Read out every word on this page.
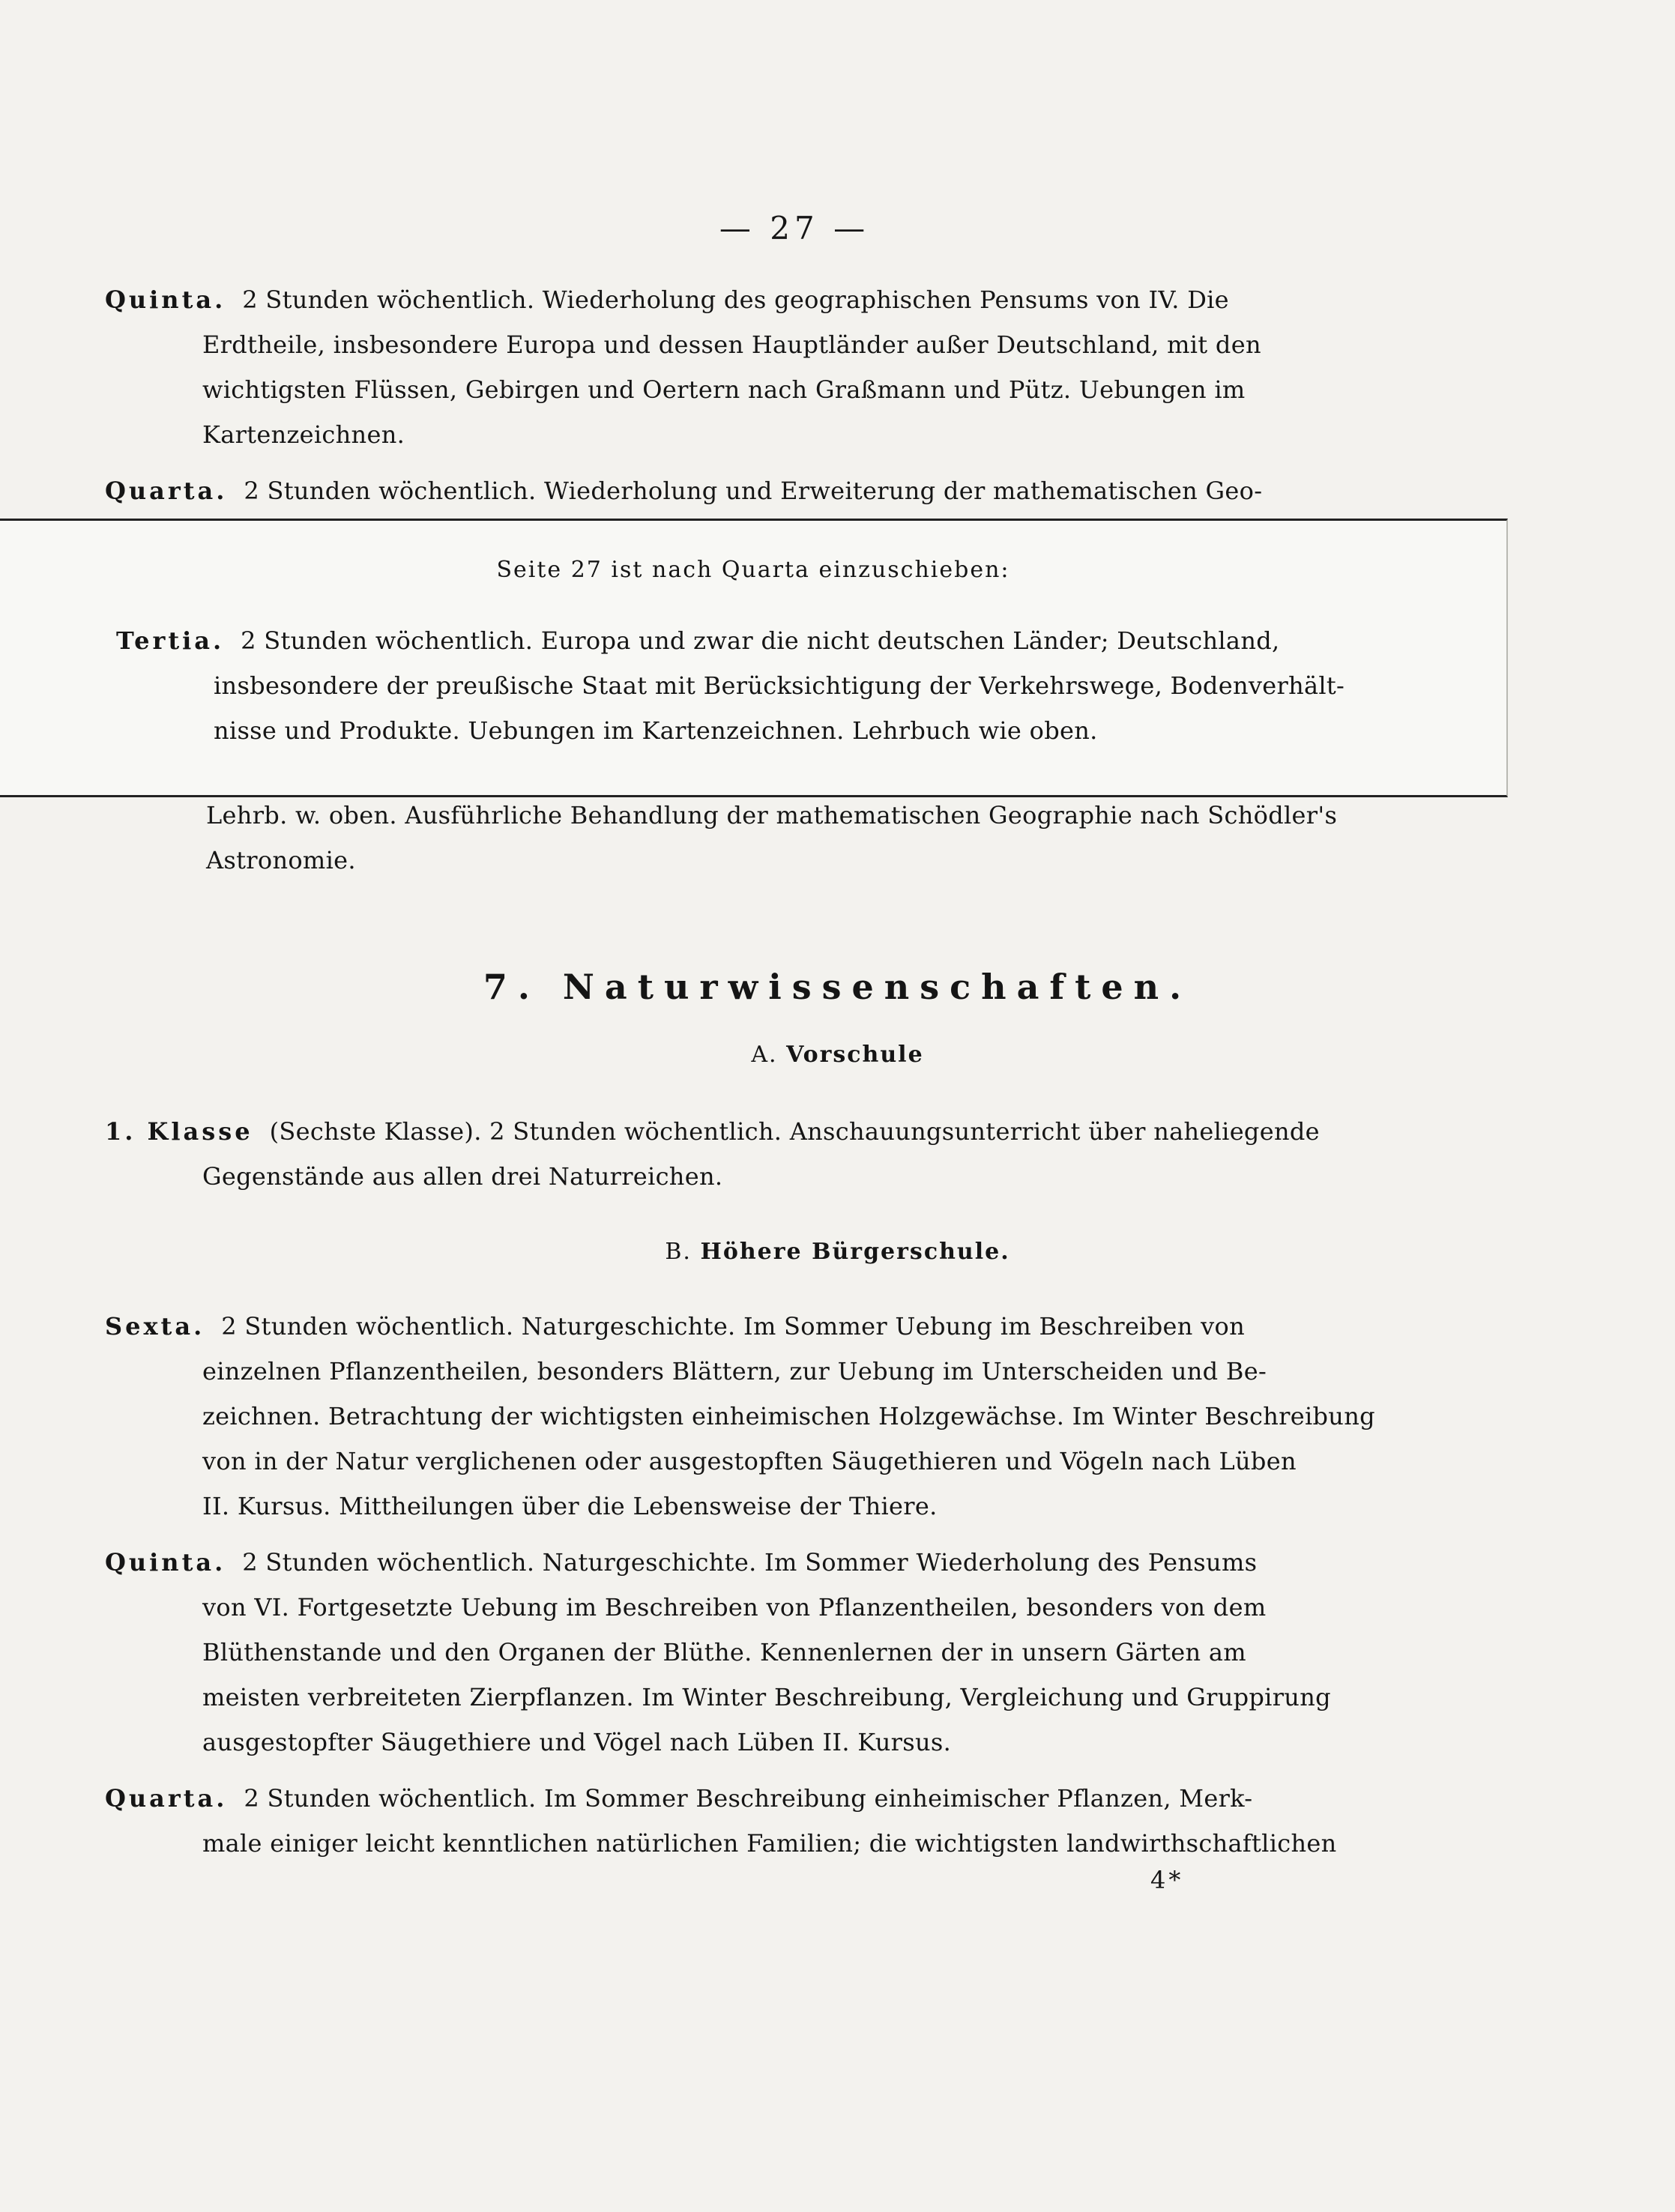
— 27 —
Quinta. 2 Stunden wöchentlich. Wiederholung des geographischen Pensums von IV. Die
Erdtheile, insbesondere Europa und dessen Hauptländer außer Deutschland, mit den
wichtigsten Flüssen, Gebirgen und Oertern nach Graßmann und Pütz. Uebungen im
Kartenzeichnen.
Quarta. 2 Stunden wöchentlich. Wiederholung und Erweiterung der mathematischen Geo-
Seite 27 ist nach Quarta einzuschieben:
Tertia. 2 Stunden wöchentlich. Europa und zwar die nicht deutschen Länder; Deutschland,
insbesondere der preußische Staat mit Berücksichtigung der Verkehrswege, Bodenverhält-
nisse und Produkte. Uebungen im Kartenzeichnen. Lehrbuch wie oben.
Lehrb. w. oben. Ausführliche Behandlung der mathematischen Geographie nach Schödler's
Astronomie.
7. Naturwissenschaften.
A. Vorschule
1. Klasse (Sechste Klasse). 2 Stunden wöchentlich. Anschauungsunterricht über naheliegende
Gegenstände aus allen drei Naturreichen.
B. Höhere Bürgerschule.
Sexta. 2 Stunden wöchentlich. Naturgeschichte. Im Sommer Uebung im Beschreiben von
einzelnen Pflanzentheilen, besonders Blättern, zur Uebung im Unterscheiden und Be-
zeichnen. Betrachtung der wichtigsten einheimischen Holzgewächse. Im Winter Beschreibung
von in der Natur verglichenen oder ausgestopften Säugethieren und Vögeln nach Lüben
II. Kursus. Mittheilungen über die Lebensweise der Thiere.
Quinta. 2 Stunden wöchentlich. Naturgeschichte. Im Sommer Wiederholung des Pensums
von VI. Fortgesetzte Uebung im Beschreiben von Pflanzentheilen, besonders von dem
Blüthenstande und den Organen der Blüthe. Kennenlernen der in unsern Gärten am
meisten verbreiteten Zierpflanzen. Im Winter Beschreibung, Vergleichung und Gruppirung
ausgestopfter Säugethiere und Vögel nach Lüben II. Kursus.
Quarta. 2 Stunden wöchentlich. Im Sommer Beschreibung einheimischer Pflanzen, Merk-
male einiger leicht kenntlichen natürlichen Familien; die wichtigsten landwirthschaftlichen
4*
